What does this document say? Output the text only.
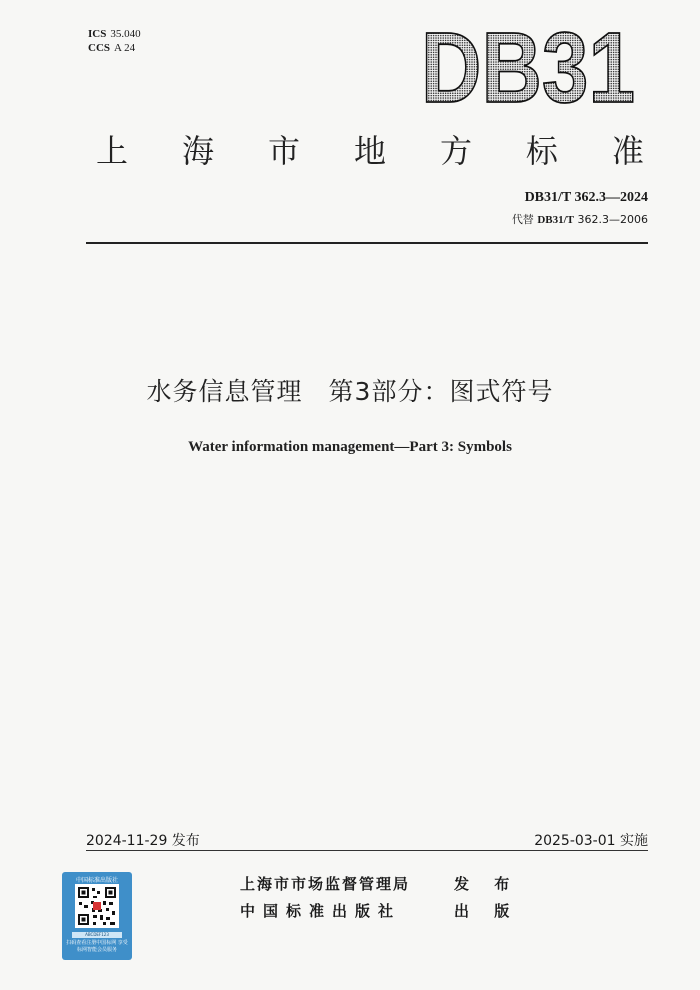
ICS 35.040
CCS A 24	DB31
上 海 市 地 方 标 准
DB31/T 362.3—2024
代替 DB31/T 362.3—2006
水务信息管理　第3部分：图式符号
Water information management—Part 3: Symbols
2024-11-29 发布	2025-03-01 实施
中国标准出版社
ABCDEF123
扫码查看注册中国标网 享受标网智能会员服务
上海市市场监督管理局	发 布
中国标准出版社	出 版
